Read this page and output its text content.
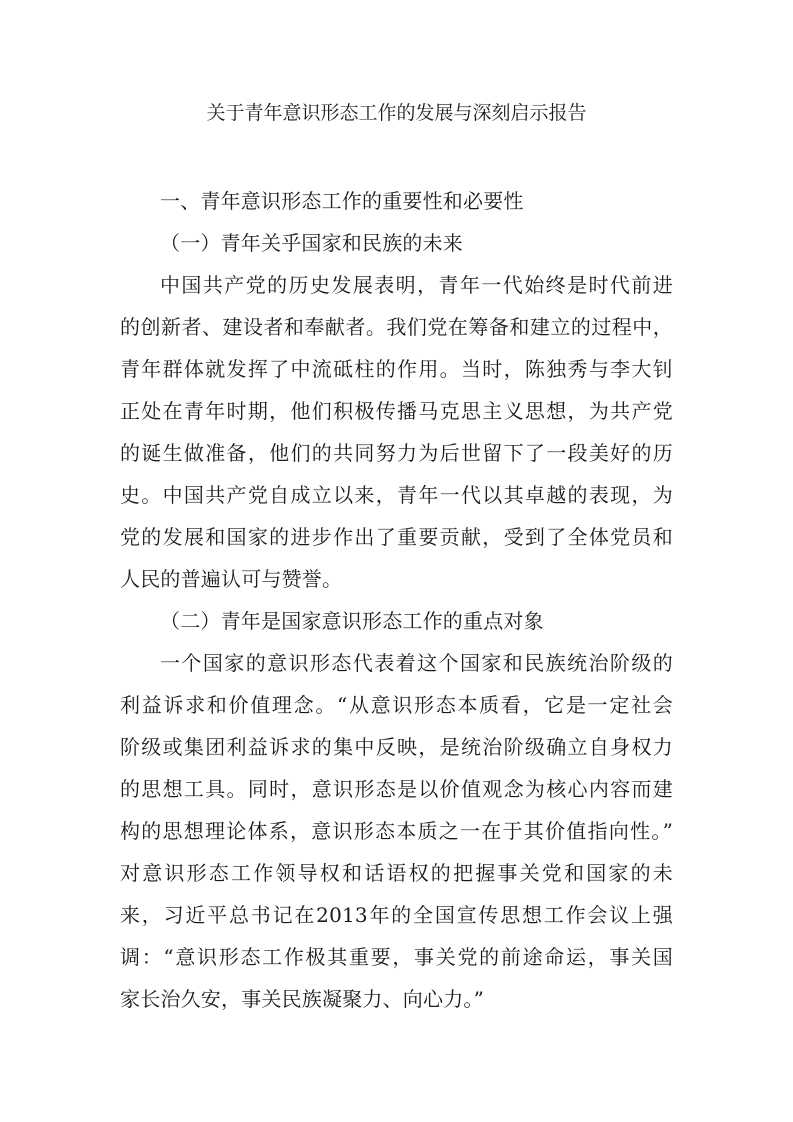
关于青年意识形态工作的发展与深刻启示报告
一、青年意识形态工作的重要性和必要性
（一）青年关乎国家和民族的未来
中国共产党的历史发展表明，青年一代始终是时代前进
的创新者、建设者和奉献者。我们党在筹备和建立的过程中，
青年群体就发挥了中流砥柱的作用。当时，陈独秀与李大钊
正处在青年时期，他们积极传播马克思主义思想，为共产党
的诞生做准备，他们的共同努力为后世留下了一段美好的历
史。中国共产党自成立以来，青年一代以其卓越的表现，为
党的发展和国家的进步作出了重要贡献，受到了全体党员和
人民的普遍认可与赞誉。
（二）青年是国家意识形态工作的重点对象
一个国家的意识形态代表着这个国家和民族统治阶级的
利益诉求和价值理念。“从意识形态本质看，它是一定社会
阶级或集团利益诉求的集中反映，是统治阶级确立自身权力
的思想工具。同时，意识形态是以价值观念为核心内容而建
构的思想理论体系，意识形态本质之一在于其价值指向性。”
对意识形态工作领导权和话语权的把握事关党和国家的未
来，习近平总书记在2013年的全国宣传思想工作会议上强
调：“意识形态工作极其重要，事关党的前途命运，事关国
家长治久安，事关民族凝聚力、向心力。”
